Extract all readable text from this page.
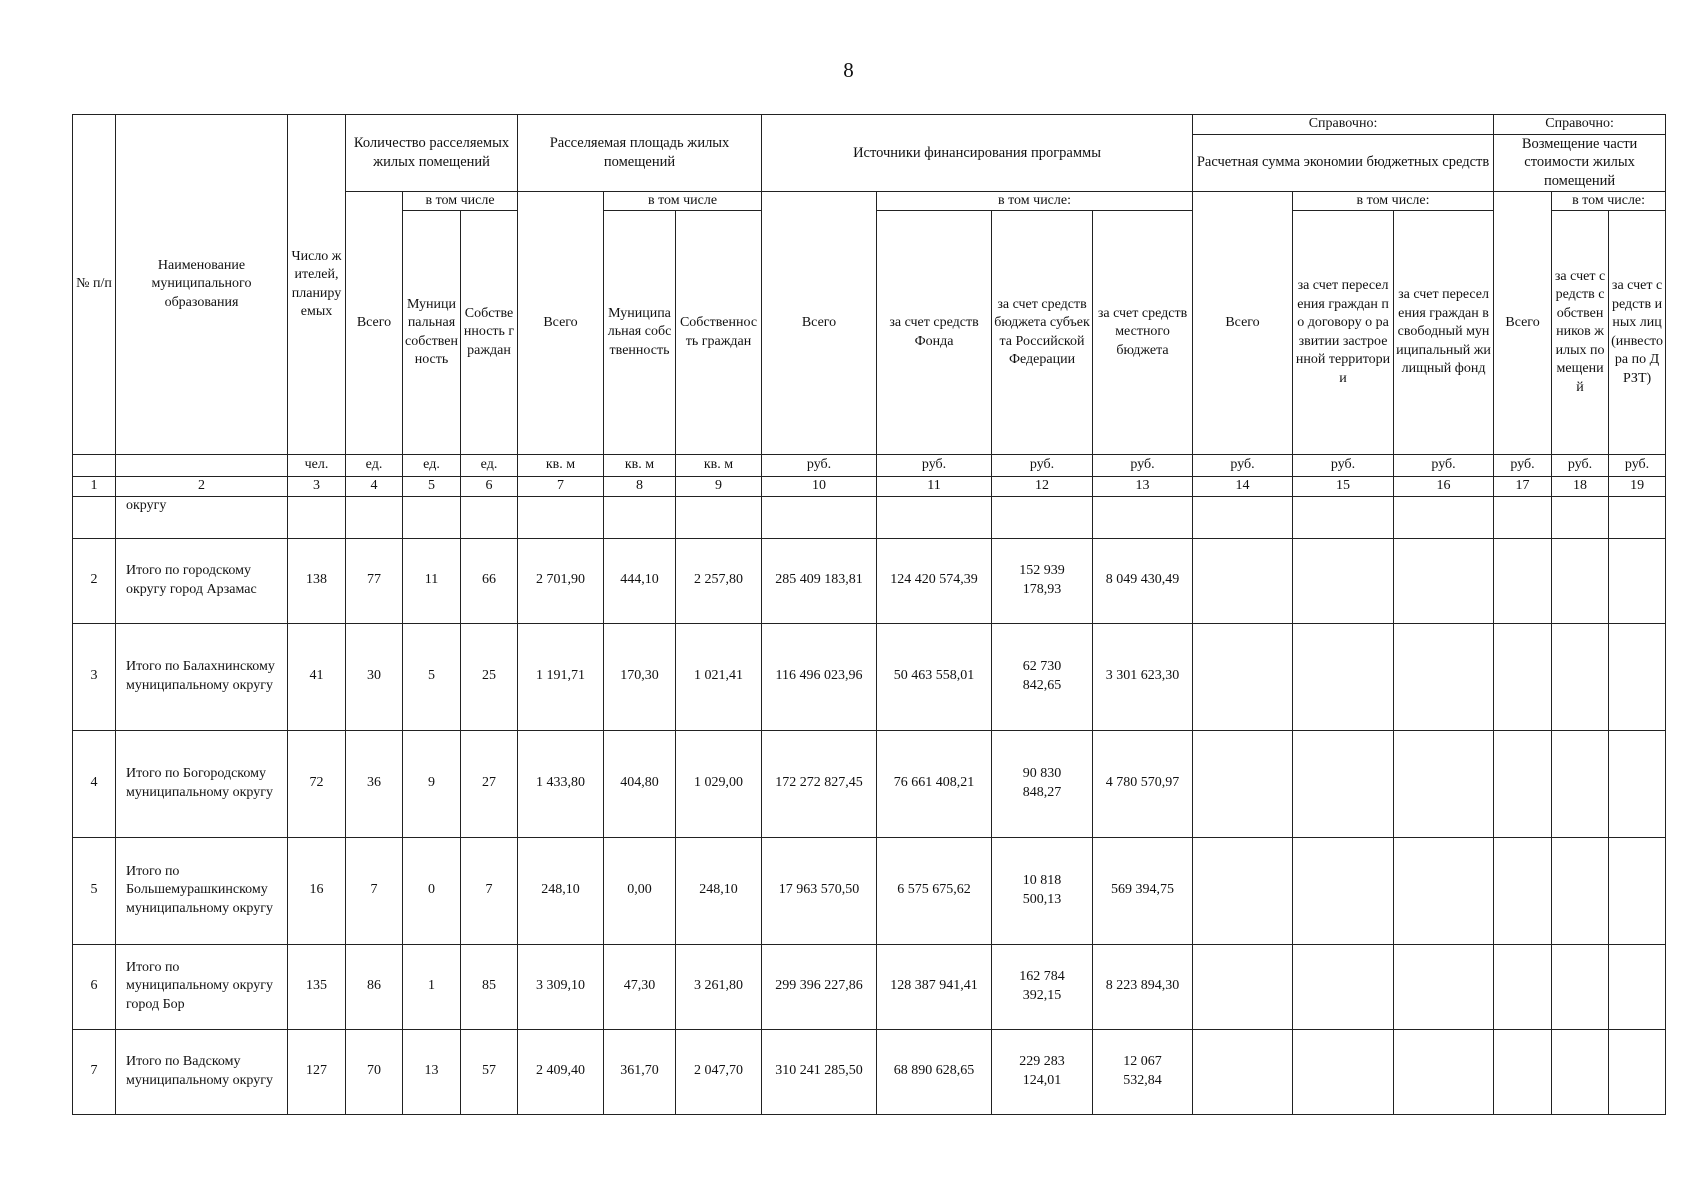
8
№ п/п	Наименование муниципального образования	Число жителей, планируемых	Количество расселяемых жилых помещений			Расселяемая площадь жилых помещений			Источники финансирования программы				Справочно:			Справочно:		
													Расчетная сумма экономии бюджетных средств			Возмещение части стоимости жилых помещений		
			Всего	в том числе		Всего	в том числе		Всего	в том числе:			Всего	в том числе:		Всего	в том числе:	
				Муниципальная собственность	Собственность граждан		Муниципальная собственность	Собственность граждан		за счет средств Фонда	за счет средств бюджета субъекта Российской Федерации	за счет средств местного бюджета		за счет переселения граждан по договору о развитии застроенной территории	за счет переселения граждан в свободный муниципальный жилищный фонд		за счет средств собственников жилых помещений	за счет средств иных лиц (инвестора по ДРЗТ)
		чел.	ед.	ед.	ед.	кв. м	кв. м	кв. м	руб.	руб.	руб.	руб.	руб.	руб.	руб.	руб.	руб.	руб.
1	2	3	4	5	6	7	8	9	10	11	12	13	14	15	16	17	18	19
	округу																	
2	Итого по городскому округу город Арзамас	138	77	11	66	2 701,90	444,10	2 257,80	285 409 183,81	124 420 574,39	152 939 178,93	8 049 430,49						
3	Итого по Балахнинскому муниципальному округу	41	30	5	25	1 191,71	170,30	1 021,41	116 496 023,96	50 463 558,01	62 730 842,65	3 301 623,30						
4	Итого по Богородскому муниципальному округу	72	36	9	27	1 433,80	404,80	1 029,00	172 272 827,45	76 661 408,21	90 830 848,27	4 780 570,97						
5	Итого по Большемурашкинскому муниципальному округу	16	7	0	7	248,10	0,00	248,10	17 963 570,50	6 575 675,62	10 818 500,13	569 394,75						
6	Итого по муниципальному округу город Бор	135	86	1	85	3 309,10	47,30	3 261,80	299 396 227,86	128 387 941,41	162 784 392,15	8 223 894,30						
7	Итого по Вадскому муниципальному округу	127	70	13	57	2 409,40	361,70	2 047,70	310 241 285,50	68 890 628,65	229 283 124,01	12 067 532,84						
